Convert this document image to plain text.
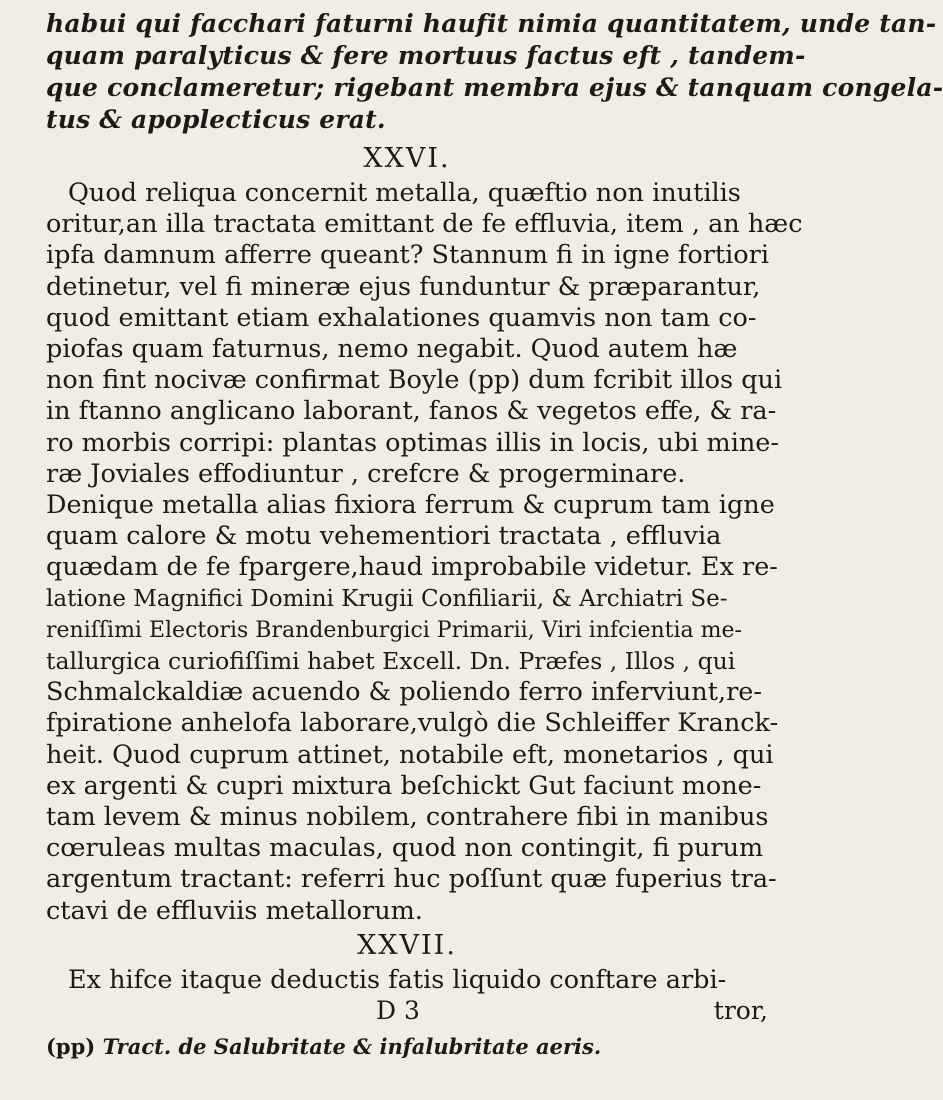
habui qui facchari faturni haufit nimia quantitatem, unde tan-
quam paralyticus & fere mortuus factus eft , tandem-
que conclameretur; rigebant membra ejus & tanquam congela-
tus & apoplecticus erat.
XXVI.
Quod reliqua concernit metalla, quæftio non inutilis
oritur,an illa tractata emittant de fe effluvia, item , an hæc
ipfa damnum afferre queant? Stannum fi in igne fortiori
detinetur, vel fi mineræ ejus funduntur & præparantur,
quod emittant etiam exhalationes quamvis non tam co-
piofas quam faturnus, nemo negabit. Quod autem hæ
non fint nocivæ confirmat Boyle (pp) dum fcribit illos qui
in ftanno anglicano laborant, fanos & vegetos effe, & ra-
ro morbis corripi: plantas optimas illis in locis, ubi mine-
ræ Joviales effodiuntur , crefcre & progerminare.
Denique metalla alias fixiora ferrum & cuprum tam igne
quam calore & motu vehementiori tractata , effluvia
quædam de fe fpargere,haud improbabile videtur. Ex re-
latione Magnifici Domini Krugii Confiliarii, & Archiatri Se-
reniſſimi Electoris Brandenburgici Primarii, Viri infcientia me-
tallurgica curiofiſſimi habet Excell. Dn. Præfes , Illos , qui
Schmalckaldiæ acuendo & poliendo ferro inferviunt,re-
fpiratione anhelofa laborare,vulgò die Schleiffer Kranck-
heit. Quod cuprum attinet, notabile eft, monetarios , qui
ex argenti & cupri mixtura beſchickt Gut faciunt mone-
tam levem & minus nobilem, contrahere fibi in manibus
cœruleas multas maculas, quod non contingit, fi purum
argentum tractant: referri huc poſſunt quæ fuperius tra-
ctavi de effluviis metallorum.
XXVII.
Ex hifce itaque deductis fatis liquido conftare arbi-
D 3	tror,
(pp) Tract. de Salubritate & infalubritate aeris.
